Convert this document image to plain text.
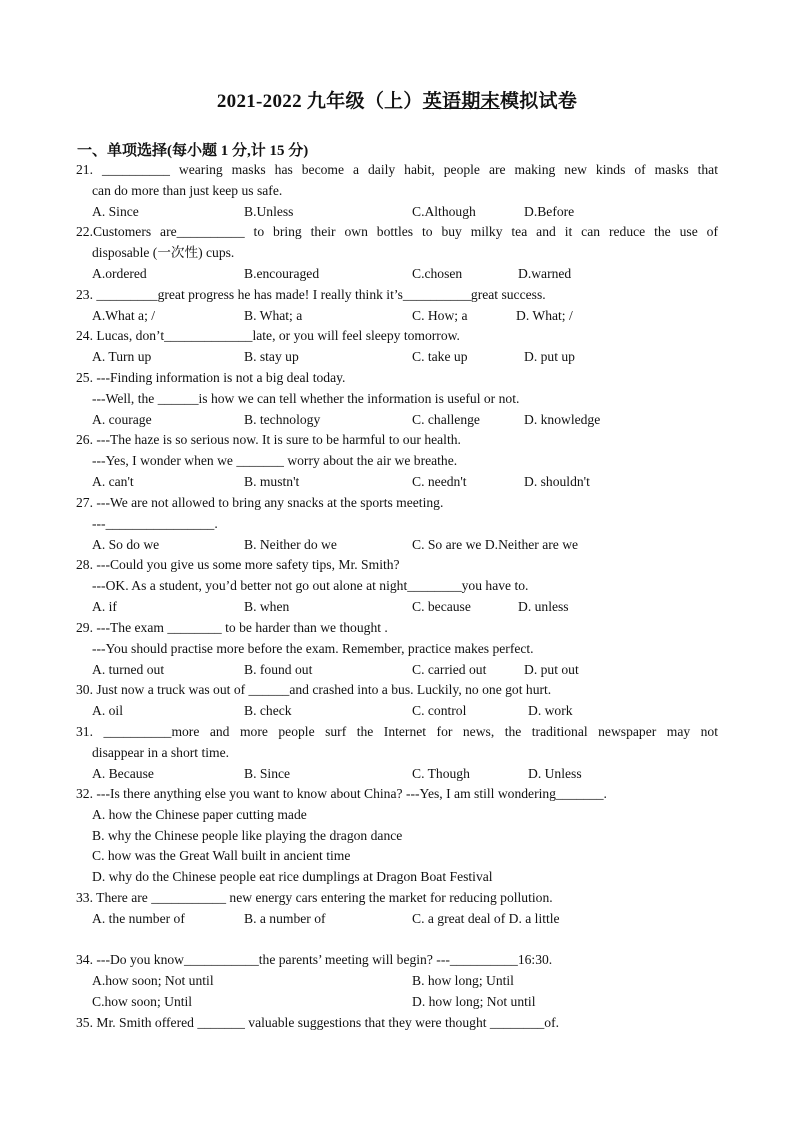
2021-2022 九年级（上）英语期末模拟试卷
一、单项选择(每小题 1 分,计 15 分)
21. __________ wearing masks has become a daily habit, people are making new kinds of masks that
can do more than just keep us safe.
A. Since	B.Unless	C.Although	D.Before
22.Customers are__________ to bring their own bottles to buy milky tea and it can reduce the use of
disposable (一次性) cups.
A.ordered	B.encouraged	C.chosen	D.warned
23. _________great progress he has made! I really think it’s__________great success.
A.What a; /	B. What; a	C. How; a	D. What; /
24. Lucas, don’t_____________late, or you will feel sleepy tomorrow.
A. Turn up	B. stay up	C. take up	D. put up
25. ---Finding information is not a big deal today.
---Well, the ______is how we can tell whether the information is useful or not.
A. courage	B. technology	C. challenge	D. knowledge
26. ---The haze is so serious now. It is sure to be harmful to our health.
---Yes, I wonder when we _______ worry about the air we breathe.
A. can't	B. mustn't	C. needn't	D. shouldn't
27. ---We are not allowed to bring any snacks at the sports meeting.
---________________.
A. So do we	B. Neither do we	C. So are we D.Neither are we
28. ---Could you give us some more safety tips, Mr. Smith?
---OK. As a student, you’d better not go out alone at night________you have to.
A. if	B. when	C. because	D. unless
29. ---The exam ________ to be harder than we thought .
---You should practise more before the exam. Remember, practice makes perfect.
A. turned out	B. found out	C. carried out	D. put out
30. Just now a truck was out of ______and crashed into a bus. Luckily, no one got hurt.
A. oil	B. check	C. control	D. work
31. __________more and more people surf the Internet for news, the traditional newspaper may not
disappear in a short time.
A. Because	B. Since	C. Though	D. Unless
32. ---Is there anything else you want to know about China? ---Yes, I am still wondering_______.
A. how the Chinese paper cutting made
B. why the Chinese people like playing the dragon dance
C. how was the Great Wall built in ancient time
D. why do the Chinese people eat rice dumplings at Dragon Boat Festival
33. There are ___________ new energy cars entering the market for reducing pollution.
A. the number of	B. a number of	C. a great deal of D. a little
34. ---Do you know___________the parents’ meeting will begin? ---__________16:30.
A.how soon; Not until	B. how long; Until
C.how soon; Until	D. how long; Not until
35. Mr. Smith offered _______ valuable suggestions that they were thought ________of.
